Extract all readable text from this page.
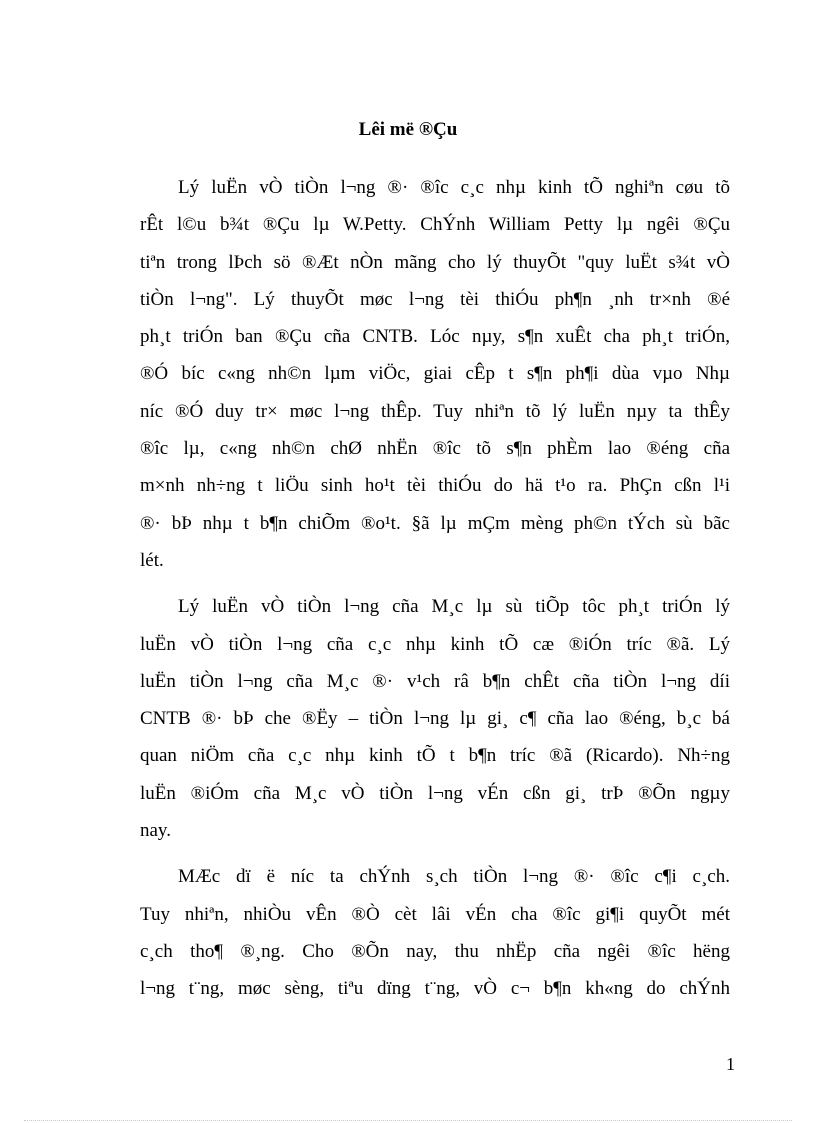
Lêi më ®Çu
Lý luËn vÒ tiÒn l¬ng ®· ®îc c¸c nhµ kinh tÕ nghiªn cøu tõ
rÊt l©u b¾t ®Çu lµ W.Petty. ChÝnh William Petty lµ ngêi ®Çu
tiªn trong lÞch sö ®Æt nÒn mãng cho lý thuyÕt "quy luËt s¾t vÒ
tiÒn l¬ng". Lý thuyÕt møc l¬ng tèi thiÓu ph¶n ¸nh tr×nh ®é
ph¸t triÓn ban ®Çu cña CNTB. Lóc nµy, s¶n xuÊt cha ph¸t triÓn,
®Ó bíc c«ng nh©n lµm viÖc, giai cÊp t s¶n ph¶i dùa vµo Nhµ
níc ®Ó duy tr× møc l¬ng thÊp. Tuy nhiªn tõ lý luËn nµy ta thÊy
®îc lµ, c«ng nh©n chØ nhËn ®îc tõ s¶n phÈm lao ®éng cña
m×nh nh÷ng t liÖu sinh ho¹t tèi thiÓu do hä t¹o ra. PhÇn cßn l¹i
®· bÞ nhµ t b¶n chiÕm ®o¹t. §ã lµ mÇm mèng ph©n tÝch sù bãc
lét.
Lý luËn vÒ tiÒn l¬ng cña M¸c lµ sù tiÕp tôc ph¸t triÓn lý
luËn vÒ tiÒn l¬ng cña c¸c nhµ kinh tÕ cæ ®iÓn tríc ®ã. Lý
luËn tiÒn l¬ng cña M¸c ®· v¹ch râ b¶n chÊt cña tiÒn l¬ng díi
CNTB ®· bÞ che ®Ëy – tiÒn l¬ng lµ gi¸ c¶ cña lao ®éng, b¸c bá
quan niÖm cña c¸c nhµ kinh tÕ t b¶n tríc ®ã (Ricardo). Nh÷ng
luËn ®iÓm cña M¸c vÒ tiÒn l¬ng vÉn cßn gi¸ trÞ ®Õn ngµy
nay.
MÆc dï ë níc ta chÝnh s¸ch tiÒn l¬ng ®· ®îc c¶i c¸ch.
Tuy nhiªn, nhiÒu vÊn ®Ò cèt lâi vÉn cha ®îc gi¶i quyÕt mét
c¸ch tho¶ ®¸ng. Cho ®Õn nay, thu nhËp cña ngêi ®îc hëng
l¬ng t¨ng, møc sèng, tiªu dïng t¨ng, vÒ c¬ b¶n kh«ng do chÝnh
1
